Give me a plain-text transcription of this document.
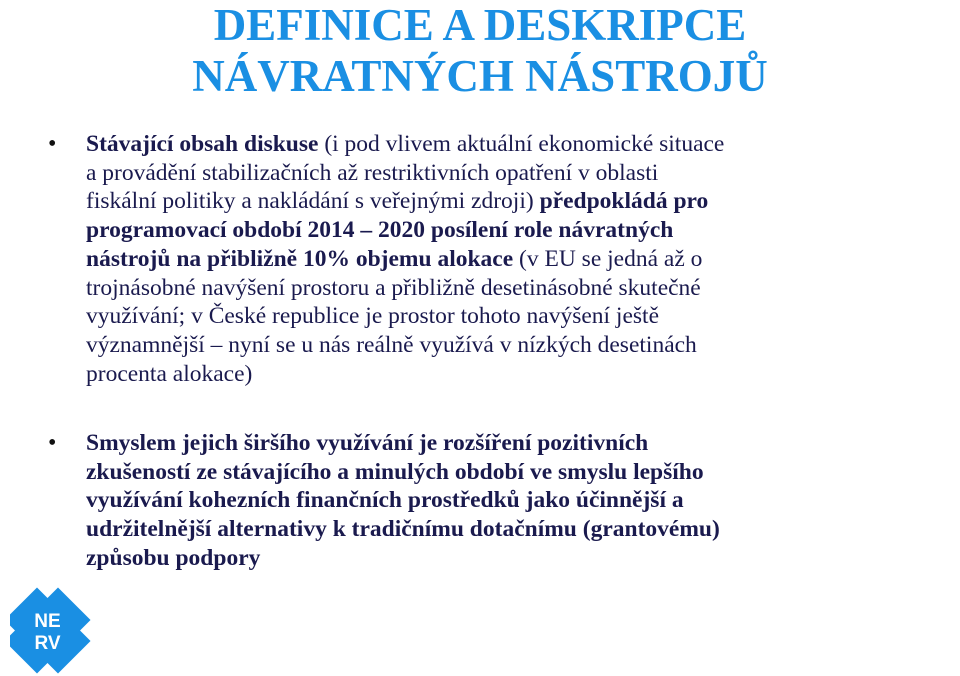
DEFINICE A DESKRIPCE
NÁVRATNÝCH NÁSTROJŮ
• Stávající obsah diskuse (i pod vlivem aktuální ekonomické situace
a provádění stabilizačních až restriktivních opatření v oblasti
fiskální politiky a nakládání s veřejnými zdroji) předpokládá pro
programovací období 2014 – 2020 posílení role návratných
nástrojů na přibližně 10% objemu alokace (v EU se jedná až o
trojnásobné navýšení prostoru a přibližně desetinásobné skutečné
využívání; v České republice je prostor tohoto navýšení ještě
významnější – nyní se u nás reálně využívá v nízkých desetinách
procenta alokace)
• Smyslem jejich širšího využívání je rozšíření pozitivních
zkušeností ze stávajícího a minulých období ve smyslu lepšího
využívání kohezních finančních prostředků jako účinnější a
udržitelnější alternativy k tradičnímu dotačnímu (grantovému)
způsobu podpory
NE
RV
